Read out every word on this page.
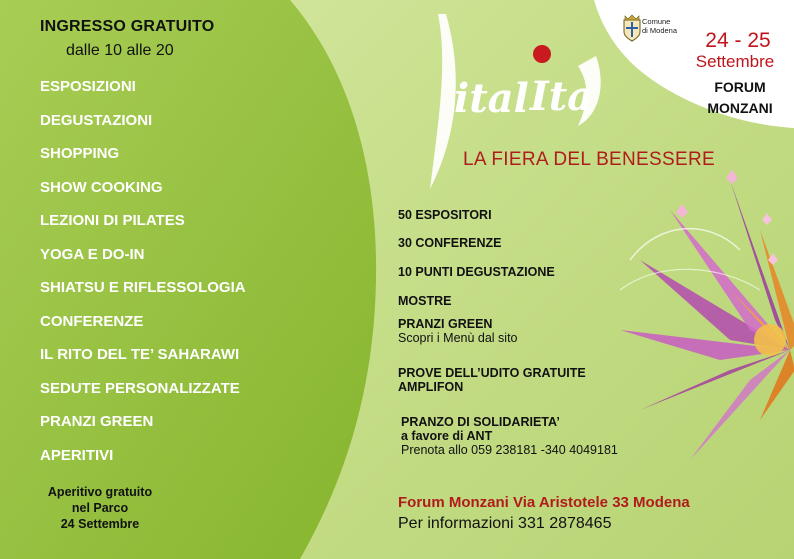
INGRESSO GRATUITO
dalle 10 alle 20
ESPOSIZIONI
DEGUSTAZIONI
SHOPPING
SHOW COOKING
LEZIONI DI PILATES
YOGA E DO-IN
SHIATSU E RIFLESSOLOGIA
CONFERENZE
IL RITO DEL TE’ SAHARAWI
SEDUTE PERSONALIZZATE
PRANZI GREEN
APERITIVI
Aperitivo gratuito
nel Parco
24 Settembre
Comune
di Modena	24 - 25
Settembre
FORUM
MONZANI
ital Ita
LA FIERA DEL BENESSERE
50 ESPOSITORI
30 CONFERENZE
10 PUNTI DEGUSTAZIONE
MOSTRE
PRANZI GREEN
Scopri i Menù dal sito
PROVE DELL’UDITO GRATUITE
AMPLIFON
PRANZO DI SOLIDARIETA’
a favore di ANT
Prenota allo 059 238181 -340 4049181
Forum Monzani Via Aristotele 33 Modena
Per informazioni 331 2878465
